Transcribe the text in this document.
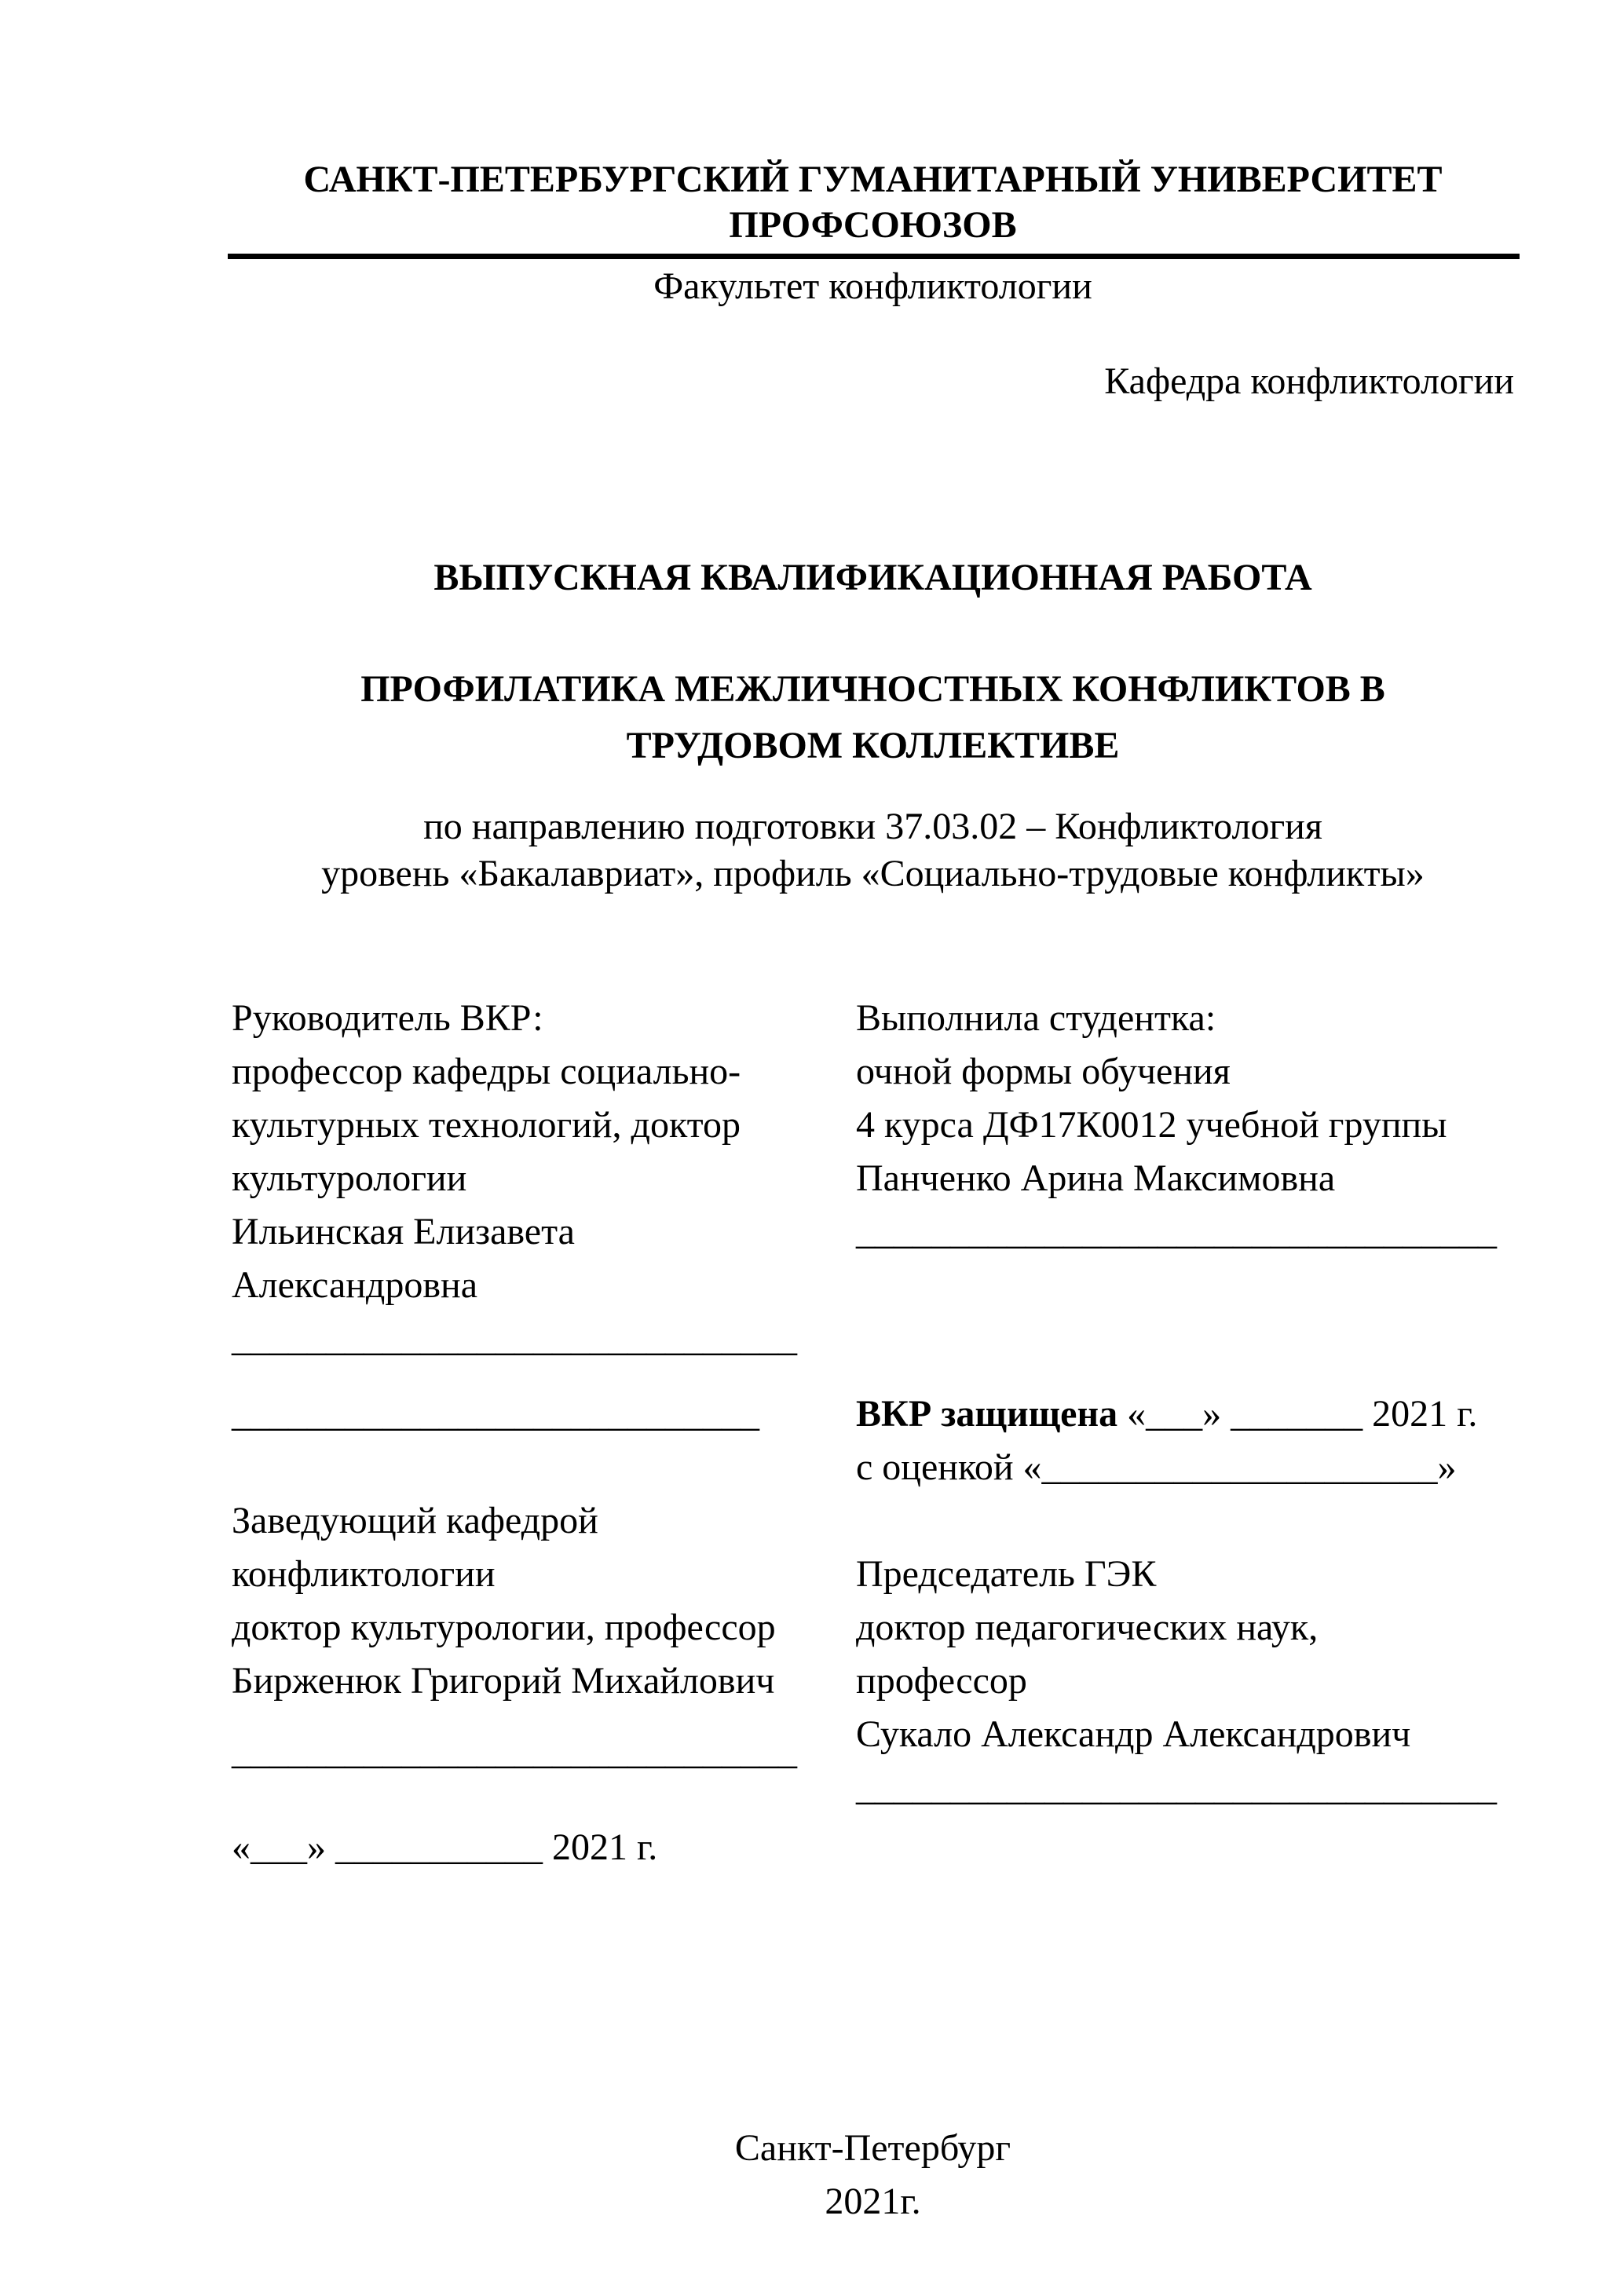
САНКТ-ПЕТЕРБУРГСКИЙ ГУМАНИТАРНЫЙ УНИВЕРСИТЕТ
ПРОФСОЮЗОВ
Факультет конфликтологии
Кафедра конфликтологии
ВЫПУСКНАЯ КВАЛИФИКАЦИОННАЯ РАБОТА
ПРОФИЛАТИКА МЕЖЛИЧНОСТНЫХ КОНФЛИКТОВ В
ТРУДОВОМ КОЛЛЕКТИВЕ
по направлению подготовки 37.03.02 – Конфликтология
уровень «Бакалавриат», профиль «Социально-трудовые конфликты»
Руководитель ВКР:
профессор кафедры социально-
культурных технологий, доктор
культурологии
Ильинская Елизавета
Александровна
______________________________
____________________________
Заведующий кафедрой
конфликтологии
доктор культурологии, профессор
Бирженюк Григорий Михайлович
______________________________
«___» ___________ 2021 г.
Выполнила студентка:
очной формы обучения
4 курса ДФ17К0012 учебной группы
Панченко Арина Максимовна
__________________________________
ВКР защищена «___» _______ 2021 г.
с оценкой «_____________________»
Председатель ГЭК
доктор педагогических наук,
профессор
Сукало Александр Александрович
__________________________________
Санкт-Петербург
2021г.
